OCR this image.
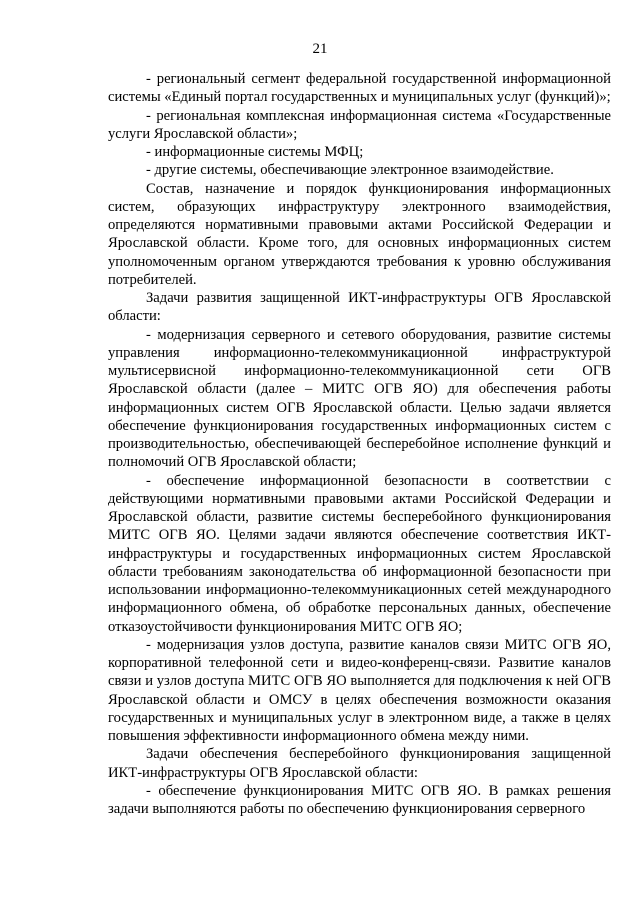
21

- региональный сегмент федеральной государственной информационной системы «Единый портал государственных и муниципальных услуг (функций)»;

- региональная комплексная информационная система «Государственные услуги Ярославской области»;

- информационные системы МФЦ;

- другие системы, обеспечивающие электронное взаимодействие.

Состав, назначение и порядок функционирования информационных систем, образующих инфраструктуру электронного взаимодействия, определяются нормативными правовыми актами Российской Федерации и Ярославской области. Кроме того, для основных информационных систем уполномоченным органом утверждаются требования к уровню обслуживания потребителей.

Задачи развития защищенной ИКТ-инфраструктуры ОГВ Ярославской области:

- модернизация серверного и сетевого оборудования, развитие системы управления информационно-телекоммуникационной инфраструктурой мультисервисной информационно-телекоммуникационной сети ОГВ Ярославской области (далее – МИТС ОГВ ЯО) для обеспечения работы информационных систем ОГВ Ярославской области. Целью задачи является обеспечение функционирования государственных информационных систем с производительностью, обеспечивающей бесперебойное исполнение функций и полномочий ОГВ Ярославской области;

- обеспечение информационной безопасности в соответствии с действующими нормативными правовыми актами Российской Федерации и Ярославской области, развитие системы бесперебойного функционирования МИТС ОГВ ЯО. Целями задачи являются обеспечение соответствия ИКТ-инфраструктуры и государственных информационных систем Ярославской области требованиям законодательства об информационной безопасности при использовании информационно-телекоммуникационных сетей международного информационного обмена, об обработке персональных данных, обеспечение отказоустойчивости функционирования МИТС ОГВ ЯО;

- модернизация узлов доступа, развитие каналов связи МИТС ОГВ ЯО, корпоративной телефонной сети и видео-конференц-связи. Развитие каналов связи и узлов доступа МИТС ОГВ ЯО выполняется для подключения к ней ОГВ Ярославской области и ОМСУ в целях обеспечения возможности оказания государственных и муниципальных услуг в электронном виде, а также в целях повышения эффективности информационного обмена между ними.

Задачи обеспечения бесперебойного функционирования защищенной ИКТ-инфраструктуры ОГВ Ярославской области:

- обеспечение функционирования МИТС ОГВ ЯО. В рамках решения задачи выполняются работы по обеспечению функционирования серверного
